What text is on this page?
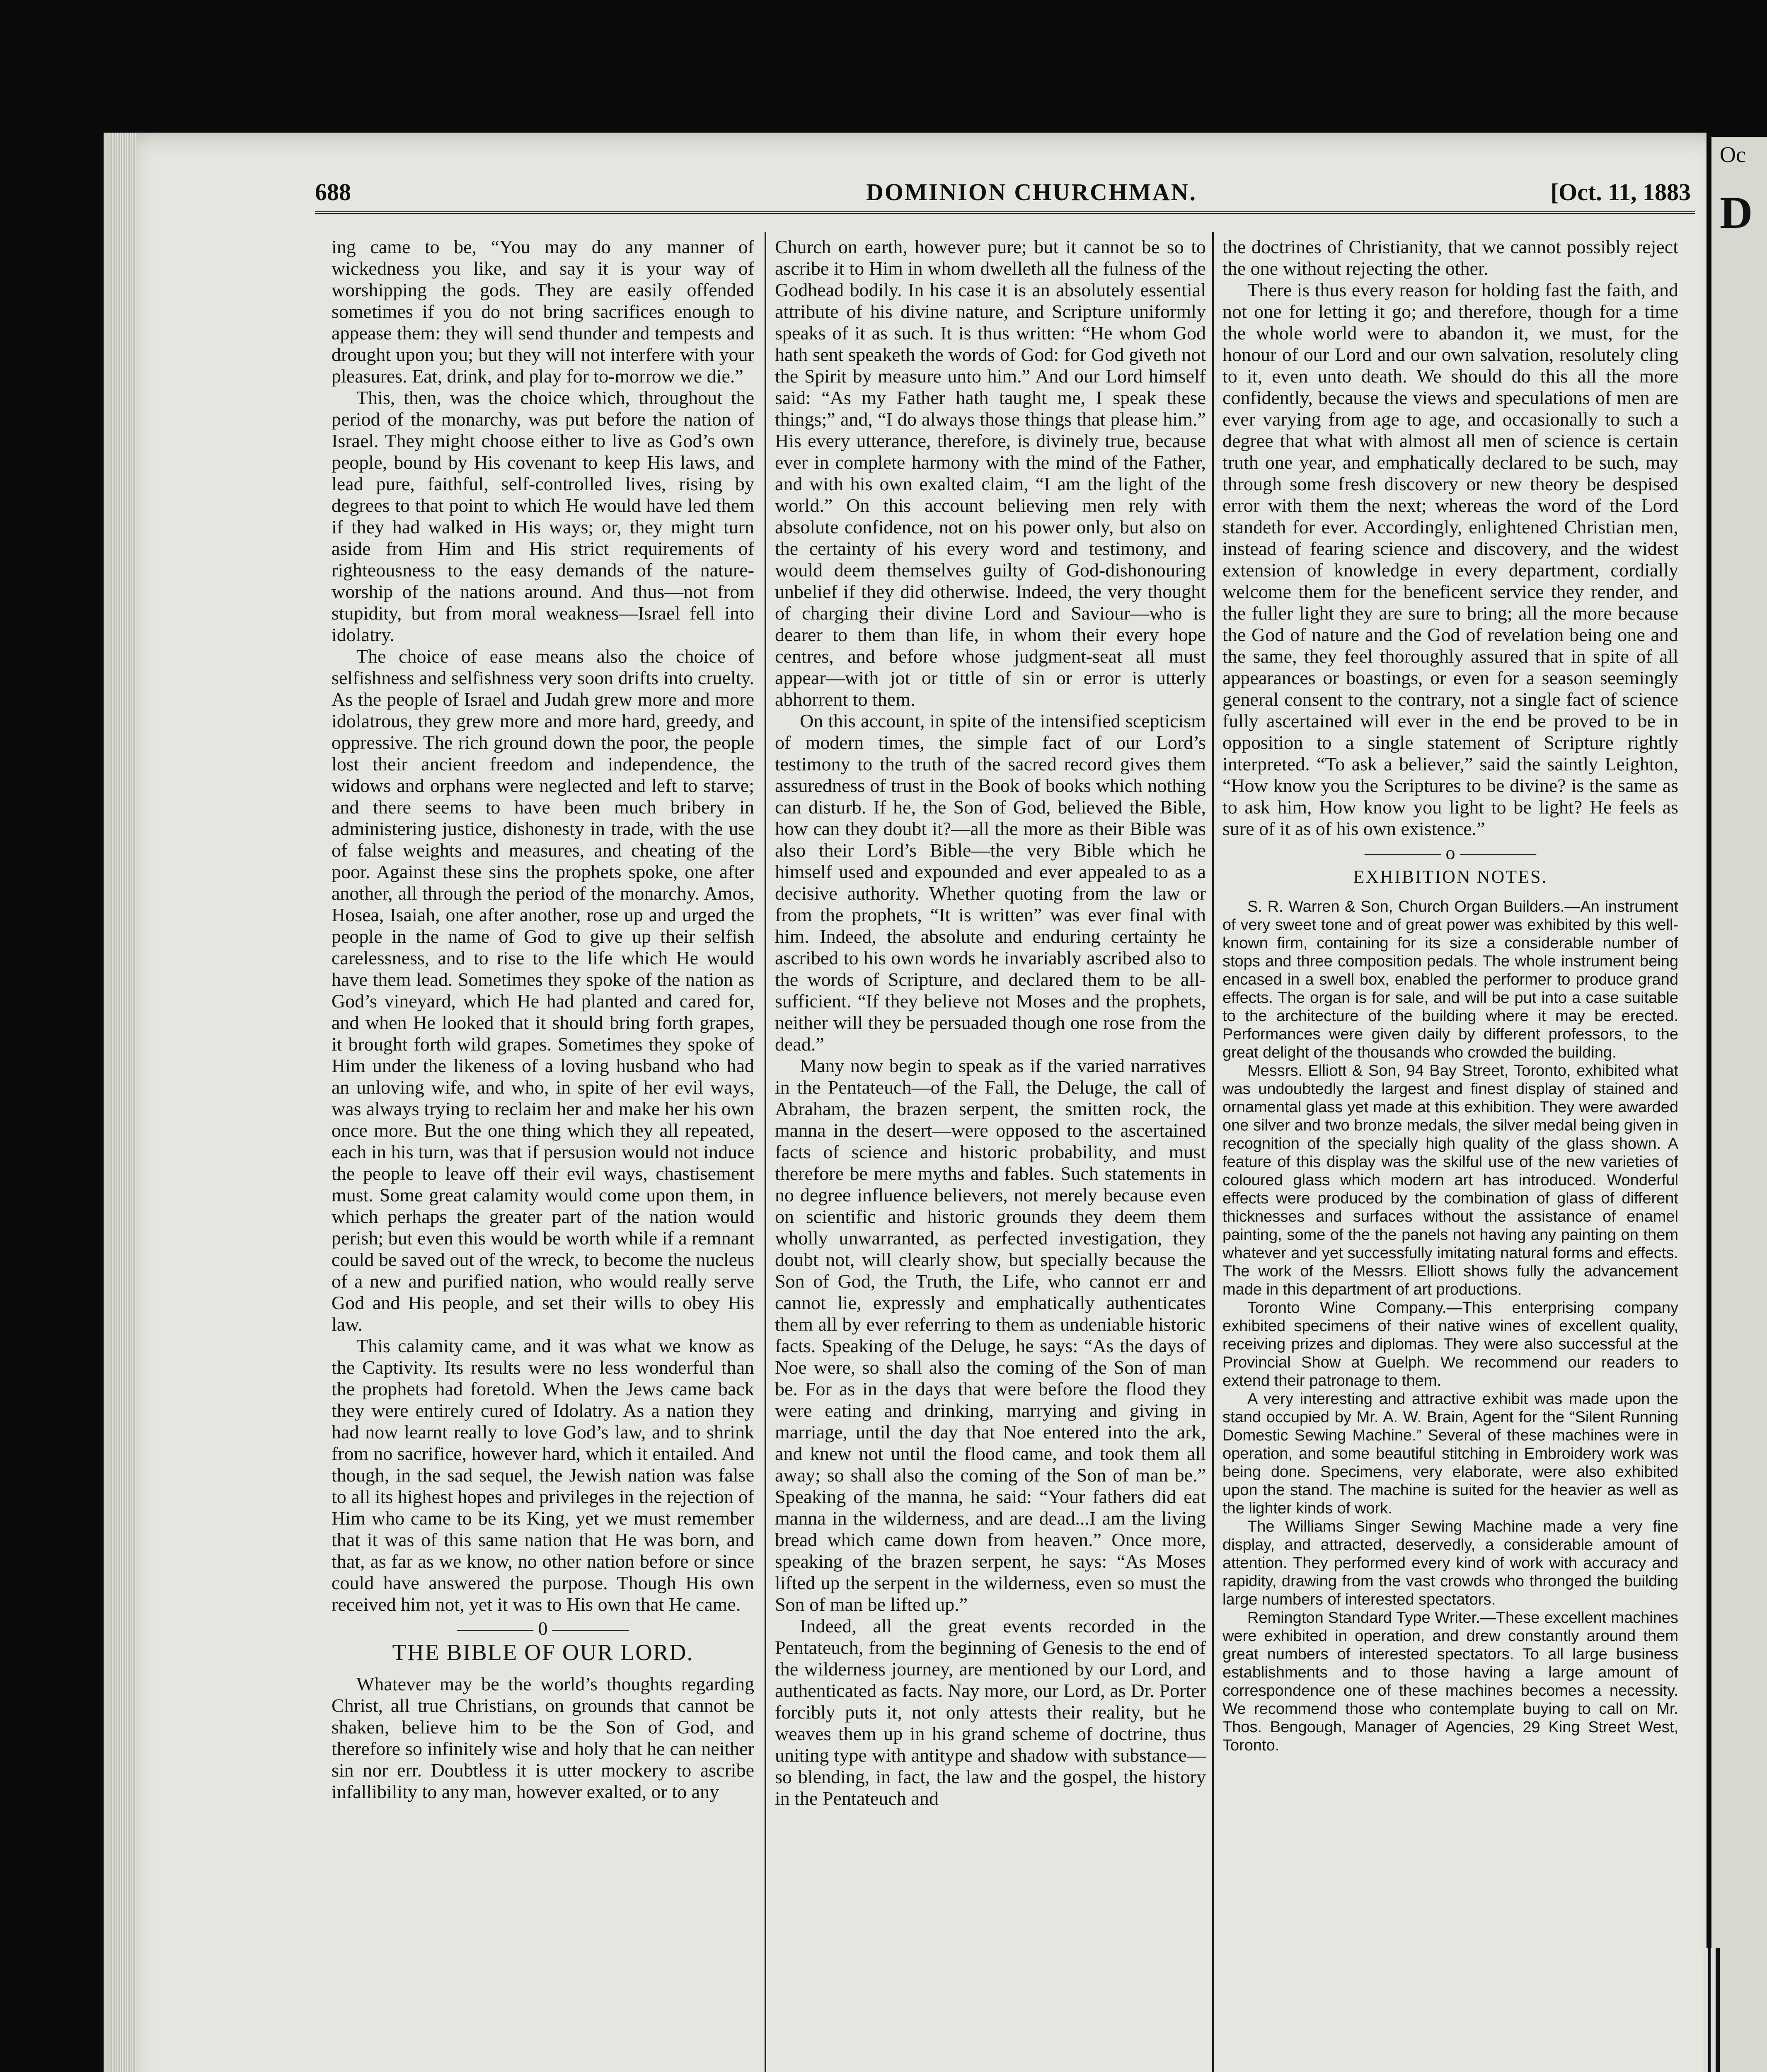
Oc
D
688	DOMINION CHURCHMAN.	[Oct. 11, 1883

ing came to be, “You may do any manner of wickedness you like, and say it is your way of worshipping the gods. They are easily offended sometimes if you do not bring sacrifices enough to appease them: they will send thunder and tempests and drought upon you; but they will not interfere with your pleasures. Eat, drink, and play for to-morrow we die.”

This, then, was the choice which, throughout the period of the monarchy, was put before the nation of Israel. They might choose either to live as God’s own people, bound by His covenant to keep His laws, and lead pure, faithful, self-controlled lives, rising by degrees to that point to which He would have led them if they had walked in His ways; or, they might turn aside from Him and His strict requirements of righteousness to the easy demands of the nature-worship of the nations around. And thus—not from stupidity, but from moral weakness—Israel fell into idolatry.

The choice of ease means also the choice of selfishness and selfishness very soon drifts into cruelty. As the people of Israel and Judah grew more and more idolatrous, they grew more and more hard, greedy, and oppressive. The rich ground down the poor, the people lost their ancient freedom and independence, the widows and orphans were neglected and left to starve; and there seems to have been much bribery in administering justice, dishonesty in trade, with the use of false weights and measures, and cheating of the poor. Against these sins the prophets spoke, one after another, all through the period of the monarchy. Amos, Hosea, Isaiah, one after another, rose up and urged the people in the name of God to give up their selfish carelessness, and to rise to the life which He would have them lead. Sometimes they spoke of the nation as God’s vineyard, which He had planted and cared for, and when He looked that it should bring forth grapes, it brought forth wild grapes. Sometimes they spoke of Him under the likeness of a loving husband who had an unloving wife, and who, in spite of her evil ways, was always trying to reclaim her and make her his own once more. But the one thing which they all repeated, each in his turn, was that if persusion would not induce the people to leave off their evil ways, chastisement must. Some great calamity would come upon them, in which perhaps the greater part of the nation would perish; but even this would be worth while if a remnant could be saved out of the wreck, to become the nucleus of a new and purified nation, who would really serve God and His people, and set their wills to obey His law.

This calamity came, and it was what we know as the Captivity. Its results were no less wonderful than the prophets had foretold. When the Jews came back they were entirely cured of Idolatry. As a nation they had now learnt really to love God’s law, and to shrink from no sacrifice, however hard, which it entailed. And though, in the sad sequel, the Jewish nation was false to all its highest hopes and privileges in the rejection of Him who came to be its King, yet we must remember that it was of this same nation that He was born, and that, as far as we know, no other nation before or since could have answered the purpose. Though His own received him not, yet it was to His own that He came.

———— 0 ————
THE BIBLE OF OUR LORD.

Whatever may be the world’s thoughts regarding Christ, all true Christians, on grounds that cannot be shaken, believe him to be the Son of God, and therefore so infinitely wise and holy that he can neither sin nor err. Doubtless it is utter mockery to ascribe infallibility to any man, however exalted, or to any

Church on earth, however pure; but it cannot be so to ascribe it to Him in whom dwelleth all the fulness of the Godhead bodily. In his case it is an absolutely essential attribute of his divine nature, and Scripture uniformly speaks of it as such. It is thus written: “He whom God hath sent speaketh the words of God: for God giveth not the Spirit by measure unto him.” And our Lord himself said: “As my Father hath taught me, I speak these things;” and, “I do always those things that please him.” His every utterance, therefore, is divinely true, because ever in complete harmony with the mind of the Father, and with his own exalted claim, “I am the light of the world.” On this account believing men rely with absolute confidence, not on his power only, but also on the certainty of his every word and testimony, and would deem themselves guilty of God-dishonouring unbelief if they did otherwise. Indeed, the very thought of charging their divine Lord and Saviour—who is dearer to them than life, in whom their every hope centres, and before whose judgment-seat all must appear—with jot or tittle of sin or error is utterly abhorrent to them.

On this account, in spite of the intensified scepticism of modern times, the simple fact of our Lord’s testimony to the truth of the sacred record gives them assuredness of trust in the Book of books which nothing can disturb. If he, the Son of God, believed the Bible, how can they doubt it?—all the more as their Bible was also their Lord’s Bible—the very Bible which he himself used and expounded and ever appealed to as a decisive authority. Whether quoting from the law or from the prophets, “It is written” was ever final with him. Indeed, the absolute and enduring certainty he ascribed to his own words he invariably ascribed also to the words of Scripture, and declared them to be all-sufficient. “If they believe not Moses and the prophets, neither will they be persuaded though one rose from the dead.”

Many now begin to speak as if the varied narratives in the Pentateuch—of the Fall, the Deluge, the call of Abraham, the brazen serpent, the smitten rock, the manna in the desert—were opposed to the ascertained facts of science and historic probability, and must therefore be mere myths and fables. Such statements in no degree influence believers, not merely because even on scientific and historic grounds they deem them wholly unwarranted, as perfected investigation, they doubt not, will clearly show, but specially because the Son of God, the Truth, the Life, who cannot err and cannot lie, expressly and emphatically authenticates them all by ever referring to them as undeniable historic facts. Speaking of the Deluge, he says: “As the days of Noe were, so shall also the coming of the Son of man be. For as in the days that were before the flood they were eating and drinking, marrying and giving in marriage, until the day that Noe entered into the ark, and knew not until the flood came, and took them all away; so shall also the coming of the Son of man be.” Speaking of the manna, he said: “Your fathers did eat manna in the wilderness, and are dead...I am the living bread which came down from heaven.” Once more, speaking of the brazen serpent, he says: “As Moses lifted up the serpent in the wilderness, even so must the Son of man be lifted up.”

Indeed, all the great events recorded in the Pentateuch, from the beginning of Genesis to the end of the wilderness journey, are mentioned by our Lord, and authenticated as facts. Nay more, our Lord, as Dr. Porter forcibly puts it, not only attests their reality, but he weaves them up in his grand scheme of doctrine, thus uniting type with antitype and shadow with substance—so blending, in fact, the law and the gospel, the history in the Pentateuch and

the doctrines of Christianity, that we cannot possibly reject the one without rejecting the other.

There is thus every reason for holding fast the faith, and not one for letting it go; and therefore, though for a time the whole world were to abandon it, we must, for the honour of our Lord and our own salvation, resolutely cling to it, even unto death. We should do this all the more confidently, because the views and speculations of men are ever varying from age to age, and occasionally to such a degree that what with almost all men of science is certain truth one year, and emphatically declared to be such, may through some fresh discovery or new theory be despised error with them the next; whereas the word of the Lord standeth for ever. Accordingly, enlightened Christian men, instead of fearing science and discovery, and the widest extension of knowledge in every department, cordially welcome them for the beneficent service they render, and the fuller light they are sure to bring; all the more because the God of nature and the God of revelation being one and the same, they feel thoroughly assured that in spite of all appearances or boastings, or even for a season seemingly general consent to the contrary, not a single fact of science fully ascertained will ever in the end be proved to be in opposition to a single statement of Scripture rightly interpreted. “To ask a believer,” said the saintly Leighton, “How know you the Scriptures to be divine? is the same as to ask him, How know you light to be light? He feels as sure of it as of his own existence.”

———— o ————
EXHIBITION NOTES.

S. R. Warren & Son, Church Organ Builders.—An instrument of very sweet tone and of great power was exhibited by this well-known firm, containing for its size a considerable number of stops and three composition pedals. The whole instrument being encased in a swell box, enabled the performer to produce grand effects. The organ is for sale, and will be put into a case suitable to the architecture of the building where it may be erected. Performances were given daily by different professors, to the great delight of the thousands who crowded the building.

Messrs. Elliott & Son, 94 Bay Street, Toronto, exhibited what was undoubtedly the largest and finest display of stained and ornamental glass yet made at this exhibition. They were awarded one silver and two bronze medals, the silver medal being given in recognition of the specially high quality of the glass shown. A feature of this display was the skilful use of the new varieties of coloured glass which modern art has introduced. Wonderful effects were produced by the combination of glass of different thicknesses and surfaces without the assistance of enamel painting, some of the the panels not having any painting on them whatever and yet successfully imitating natural forms and effects. The work of the Messrs. Elliott shows fully the advancement made in this department of art productions.

Toronto Wine Company.—This enterprising company exhibited specimens of their native wines of excellent quality, receiving prizes and diplomas. They were also successful at the Provincial Show at Guelph. We recommend our readers to extend their patronage to them.

A very interesting and attractive exhibit was made upon the stand occupied by Mr. A. W. Brain, Agent for the “Silent Running Domestic Sewing Machine.” Several of these machines were in operation, and some beautiful stitching in Embroidery work was being done. Specimens, very elaborate, were also exhibited upon the stand. The machine is suited for the heavier as well as the lighter kinds of work.

The Williams Singer Sewing Machine made a very fine display, and attracted, deservedly, a considerable amount of attention. They performed every kind of work with accuracy and rapidity, drawing from the vast crowds who thronged the building large numbers of interested spectators.

Remington Standard Type Writer.—These excellent machines were exhibited in operation, and drew constantly around them great numbers of interested spectators. To all large business establishments and to those having a large amount of correspondence one of these machines becomes a necessity. We recommend those who contemplate buying to call on Mr. Thos. Bengough, Manager of Agencies, 29 King Street West, Toronto.
